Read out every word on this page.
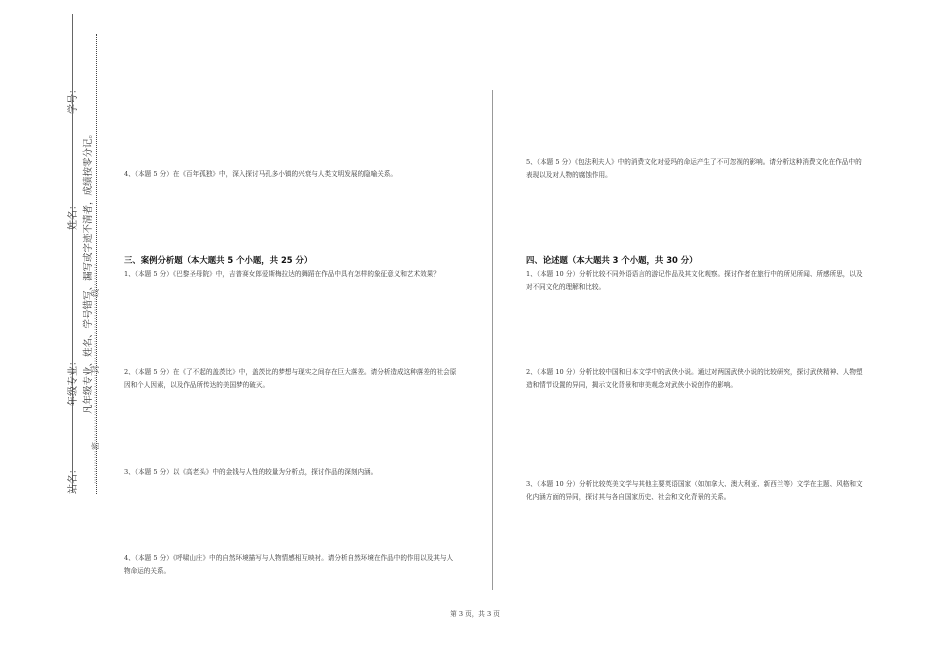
学号：
姓名：
年级专业：
站名：
凡年级专业、姓名、学号错写、漏写或字迹不清者，成绩按零分记。
⋯⋯⋯⋯密⋯⋯⋯⋯⋯⋯⋯⋯封⋯⋯⋯⋯⋯⋯⋯⋯线⋯⋯⋯
4、（本题 5 分）在《百年孤独》中，深入探讨马孔多小镇的兴衰与人类文明发展的隐喻关系。
三、案例分析题（本大题共 5 个小题，共 25 分）
1、（本题 5 分）《巴黎圣母院》中，吉普赛女郎爱斯梅拉达的舞蹈在作品中具有怎样的象征意义和艺术效果？
2、（本题 5 分）在《了不起的盖茨比》中，盖茨比的梦想与现实之间存在巨大落差。请分析造成这种落差的社会原因和个人因素，以及作品所传达的美国梦的破灭。
3、（本题 5 分）以《高老头》中的金钱与人性的较量为分析点，探讨作品的深刻内涵。
4、（本题 5 分）《呼啸山庄》中的自然环境描写与人物情感相互映衬。请分析自然环境在作品中的作用以及其与人物命运的关系。
5、（本题 5 分）《包法利夫人》中的消费文化对爱玛的命运产生了不可忽视的影响。请分析这种消费文化在作品中的表现以及对人物的腐蚀作用。
四、论述题（本大题共 3 个小题，共 30 分）
1、（本题 10 分）分析比较不同外语语言的游记作品及其文化观察。探讨作者在旅行中的所见所闻、所感所思，以及对不同文化的理解和比较。
2、（本题 10 分）分析比较中国和日本文学中的武侠小说。通过对两国武侠小说的比较研究，探讨武侠精神、人物塑造和情节设置的异同，揭示文化背景和审美观念对武侠小说创作的影响。
3、（本题 10 分）分析比较英美文学与其他主要英语国家（如加拿大、澳大利亚、新西兰等）文学在主题、风格和文化内涵方面的异同，探讨其与各自国家历史、社会和文化背景的关系。
第 3 页，共 3 页
